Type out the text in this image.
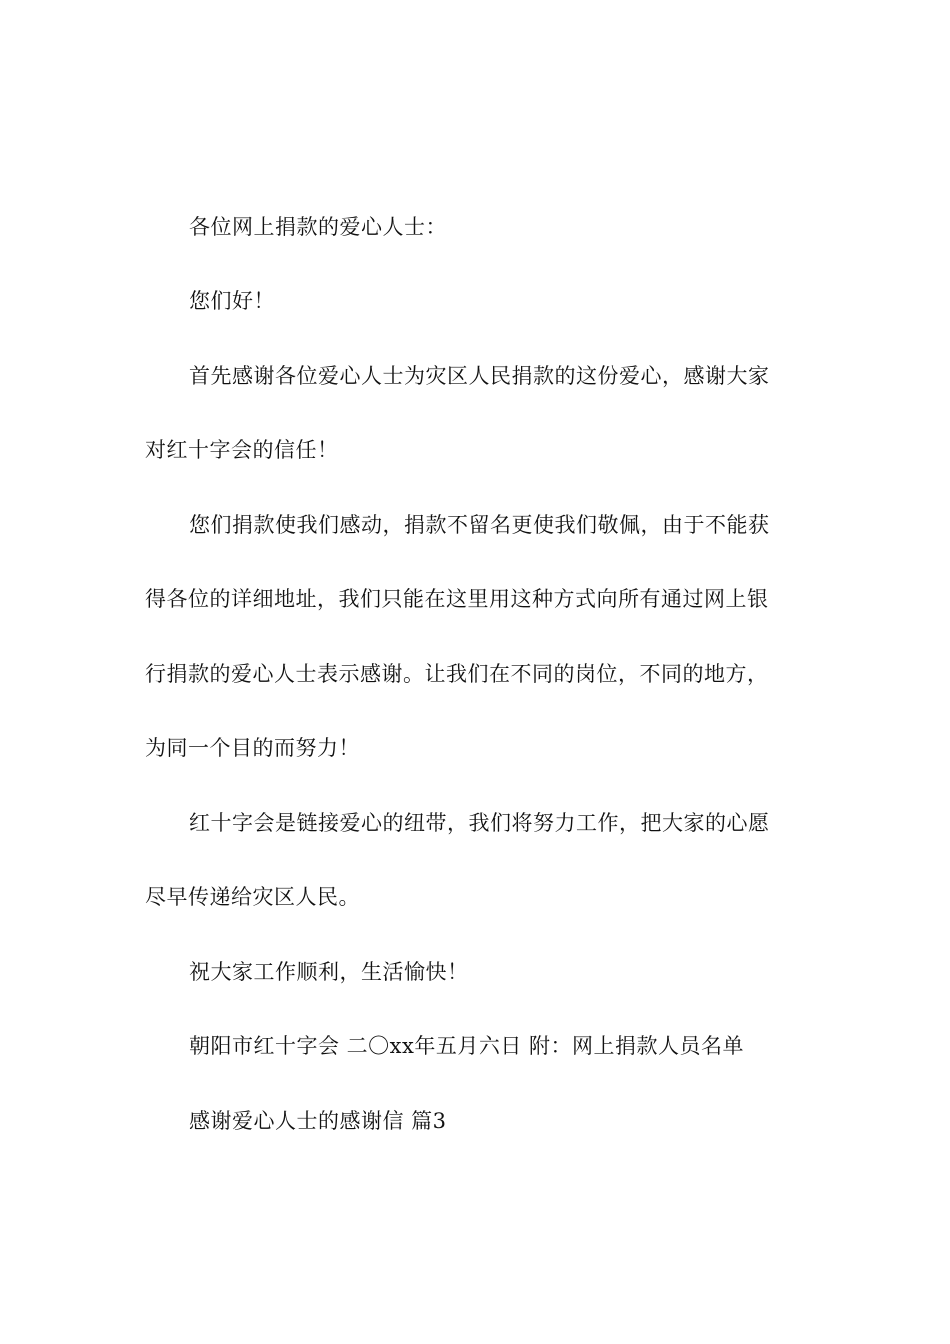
各位网上捐款的爱心人士：
您们好！
首先感谢各位爱心人士为灾区人民捐款的这份爱心，感谢大家
对红十字会的信任！
您们捐款使我们感动，捐款不留名更使我们敬佩，由于不能获
得各位的详细地址，我们只能在这里用这种方式向所有通过网上银
行捐款的爱心人士表示感谢。让我们在不同的岗位，不同的地方，
为同一个目的而努力！
红十字会是链接爱心的纽带，我们将努力工作，把大家的心愿
尽早传递给灾区人民。
祝大家工作顺利，生活愉快！
朝阳市红十字会 二〇xx年五月六日 附：网上捐款人员名单
感谢爱心人士的感谢信 篇3
